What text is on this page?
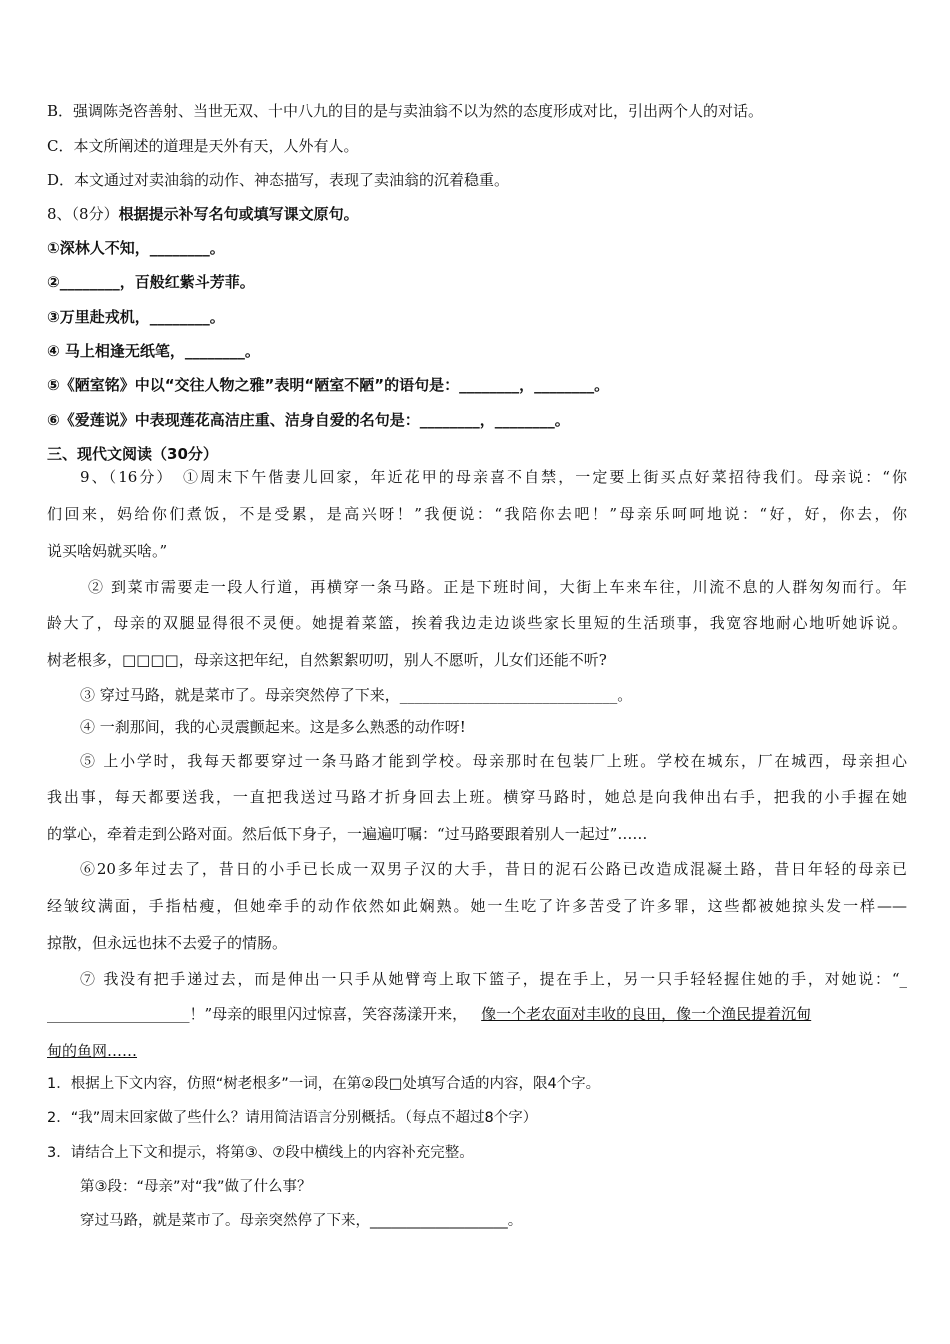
B．强调陈尧咨善射、当世无双、十中八九的目的是与卖油翁不以为然的态度形成对比，引出两个人的对话。
C．本文所阐述的道理是天外有天，人外有人。
D．本文通过对卖油翁的动作、神态描写，表现了卖油翁的沉着稳重。
8、（8分）根据提示补写名句或填写课文原句。
①深林人不知，________。
②________，百般红紫斗芳菲。
③万里赴戎机，________。
④ 马上相逢无纸笔，________。
⑤《陋室铭》中以“交往人物之雅”表明“陋室不陋”的语句是：________，________。
⑥《爱莲说》中表现莲花高洁庄重、洁身自爱的名句是：________，________。
三、现代文阅读（30分）
9、（16分）　①周末下午偕妻儿回家，年近花甲的母亲喜不自禁，一定要上街买点好菜招待我们。母亲说：“你
们回来，妈给你们煮饭，不是受累，是高兴呀！”我便说：“我陪你去吧！”母亲乐呵呵地说：“好，好，你去，你
说买啥妈就买啥。”
② 到菜市需要走一段人行道，再横穿一条马路。正是下班时间，大街上车来车往，川流不息的人群匆匆而行。年
龄大了，母亲的双腿显得很不灵便。她提着菜篮，挨着我边走边谈些家长里短的生活琐事，我宽容地耐心地听她诉说。
树老根多，□□□□，母亲这把年纪，自然絮絮叨叨，别人不愿听，儿女们还能不听?
③ 穿过马路，就是菜市了。母亲突然停了下来，_____________________________。
④ 一刹那间，我的心灵震颤起来。这是多么熟悉的动作呀!
⑤ 上小学时，我每天都要穿过一条马路才能到学校。母亲那时在包装厂上班。学校在城东，厂在城西，母亲担心
我出事，每天都要送我，一直把我送过马路才折身回去上班。横穿马路时，她总是向我伸出右手，把我的小手握在她
的掌心，牵着走到公路对面。然后低下身子，一遍遍叮嘱：“过马路要跟着别人一起过”……
⑥20多年过去了，昔日的小手已长成一双男子汉的大手，昔日的泥石公路已改造成混凝土路，昔日年轻的母亲已
经皱纹满面，手指枯瘦，但她牵手的动作依然如此娴熟。她一生吃了许多苦受了许多罪，这些都被她掠头发一样——
掠散，但永远也抹不去爱子的情肠。
⑦ 我没有把手递过去，而是伸出一只手从她臂弯上取下篮子，提在手上，另一只手轻轻握住她的手，对她说：“_
___________________！”母亲的眼里闪过惊喜，笑容荡漾开来， 像一个老农面对丰收的良田，像一个渔民提着沉甸
甸的鱼网……
1．根据上下文内容，仿照“树老根多”一词，在第②段□处填写合适的内容，限4个字。
2．“我”周末回家做了些什么？请用简洁语言分别概括。（每点不超过8个字）
3．请结合上下文和提示，将第③、⑦段中横线上的内容补充完整。
第③段：“母亲”对“我”做了什么事？
穿过马路，就是菜市了。母亲突然停了下来，___________________。
